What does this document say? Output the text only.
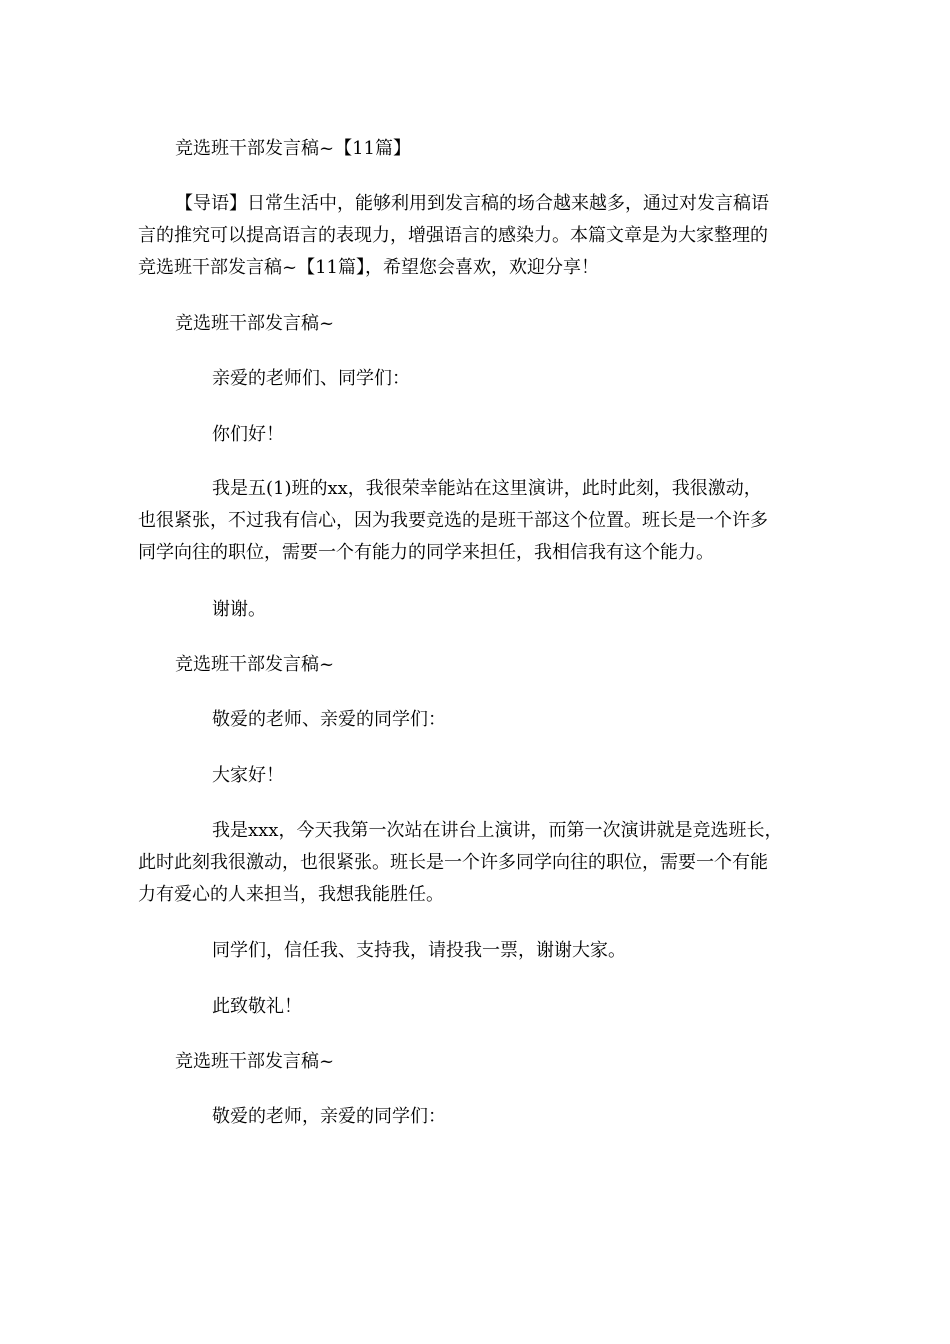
竞选班干部发言稿~【11篇】

【导语】日常生活中，能够利用到发言稿的场合越来越多，通过对发言稿语
言的推究可以提高语言的表现力，增强语言的感染力。本篇文章是为大家整理的
竞选班干部发言稿~【11篇】，希望您会喜欢，欢迎分享！

竞选班干部发言稿~

亲爱的老师们、同学们：

你们好！

我是五(1)班的xx，我很荣幸能站在这里演讲，此时此刻，我很激动，
也很紧张，不过我有信心，因为我要竞选的是班干部这个位置。班长是一个许多
同学向往的职位，需要一个有能力的同学来担任，我相信我有这个能力。

谢谢。

竞选班干部发言稿~

敬爱的老师、亲爱的同学们：

大家好！

我是xxx，今天我第一次站在讲台上演讲，而第一次演讲就是竞选班长，
此时此刻我很激动，也很紧张。班长是一个许多同学向往的职位，需要一个有能
力有爱心的人来担当，我想我能胜任。

同学们，信任我、支持我，请投我一票，谢谢大家。

此致敬礼！

竞选班干部发言稿~

敬爱的老师，亲爱的同学们：
